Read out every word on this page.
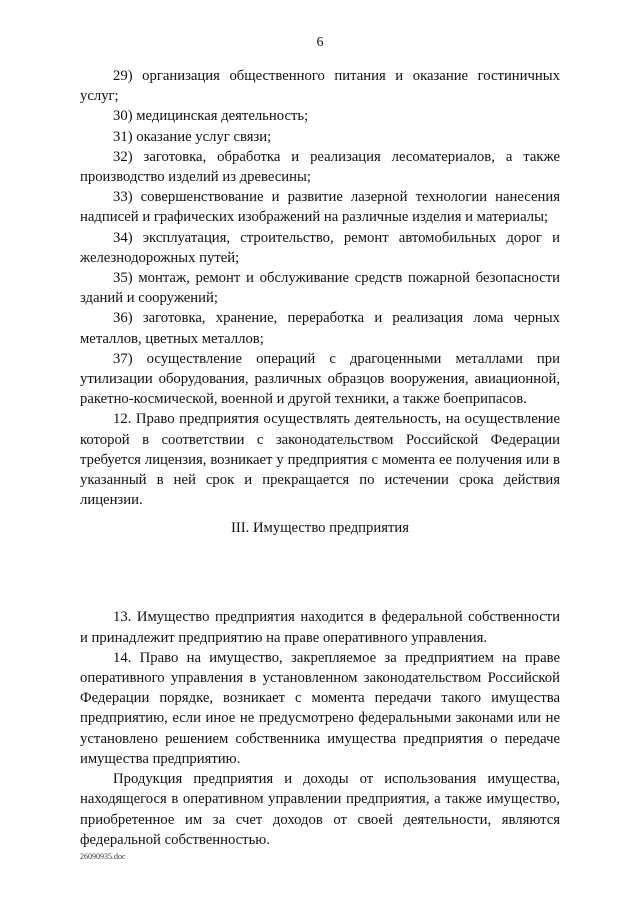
6

29) организация общественного питания и оказание гостиничных услуг;

30) медицинская деятельность;

31) оказание услуг связи;

32) заготовка, обработка и реализация лесоматериалов, а также производство изделий из древесины;

33) совершенствование и развитие лазерной технологии нанесения надписей и графических изображений на различные изделия и материалы;

34) эксплуатация, строительство, ремонт автомобильных дорог и железнодорожных путей;

35) монтаж, ремонт и обслуживание средств пожарной безопасности зданий и сооружений;

36) заготовка, хранение, переработка и реализация лома черных металлов, цветных металлов;

37) осуществление операций с драгоценными металлами при утилизации оборудования, различных образцов вооружения, авиационной, ракетно-космической, военной и другой техники, а также боеприпасов.

12. Право предприятия осуществлять деятельность, на осуществление которой в соответствии с законодательством Российской Федерации требуется лицензия, возникает у предприятия с момента ее получения или в указанный в ней срок и прекращается по истечении срока действия лицензии.

13. Имущество предприятия находится в федеральной собственности и принадлежит предприятию на праве оперативного управления.

14. Право на имущество, закрепляемое за предприятием на праве оперативного управления в установленном законодательством Российской Федерации порядке, возникает с момента передачи такого имущества предприятию, если иное не предусмотрено федеральными законами или не установлено решением собственника имущества предприятия о передаче имущества предприятию.

Продукция предприятия и доходы от использования имущества, находящегося в оперативном управлении предприятия, а также имущество, приобретенное им за счет доходов от своей деятельности, являются федеральной собственностью.

III. Имущество предприятия
26090935.doc
